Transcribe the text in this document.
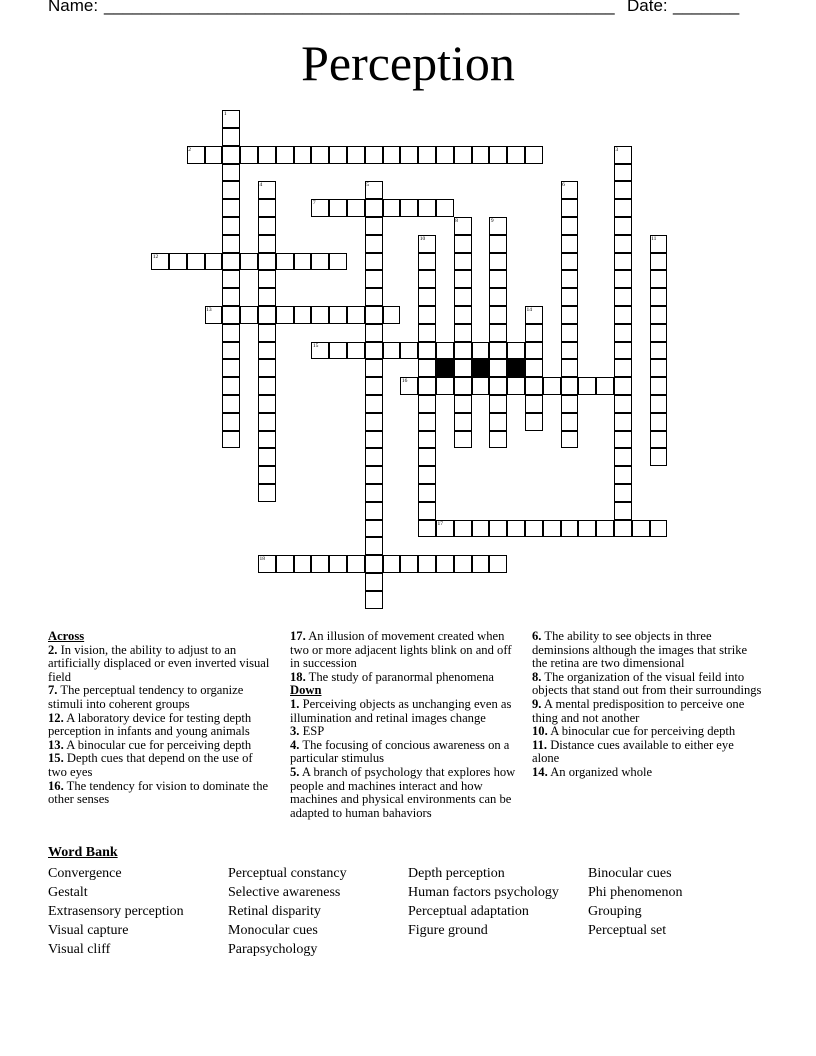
Name: ______________________________________________________ Date: _______
Perception
2
7
12
13
15
16
17
18
1
3
4	5	6
8	9
10	11
14
Across
2. In vision, the ability to adjust to an artificially displaced or even inverted visual field
7. The perceptual tendency to organize stimuli into coherent groups
12. A laboratory device for testing depth perception in infants and young animals
13. A binocular cue for perceiving depth
15. Depth cues that depend on the use of two eyes
16. The tendency for vision to dominate the other senses
17. An illusion of movement created when two or more adjacent lights blink on and off in succession
18. The study of paranormal phenomena
Down
1. Perceiving objects as unchanging even as illumination and retinal images change
3. ESP
4. The focusing of concious awareness on a particular stimulus
5. A branch of psychology that explores how people and machines interact and how machines and physical environments can be adapted to human bahaviors
6. The ability to see objects in three deminsions although the images that strike the retina are two dimensional
8. The organization of the visual feild into objects that stand out from their surroundings
9. A mental predisposition to perceive one thing and not another
10. A binocular cue for perceiving depth
11. Distance cues available to either eye alone
14. An organized whole
Word Bank
Convergence
Gestalt
Extrasensory perception
Visual capture
Visual cliff
Perceptual constancy
Selective awareness
Retinal disparity
Monocular cues
Parapsychology
Depth perception
Human factors psychology
Perceptual adaptation
Figure ground
Binocular cues
Phi phenomenon
Grouping
Perceptual set
